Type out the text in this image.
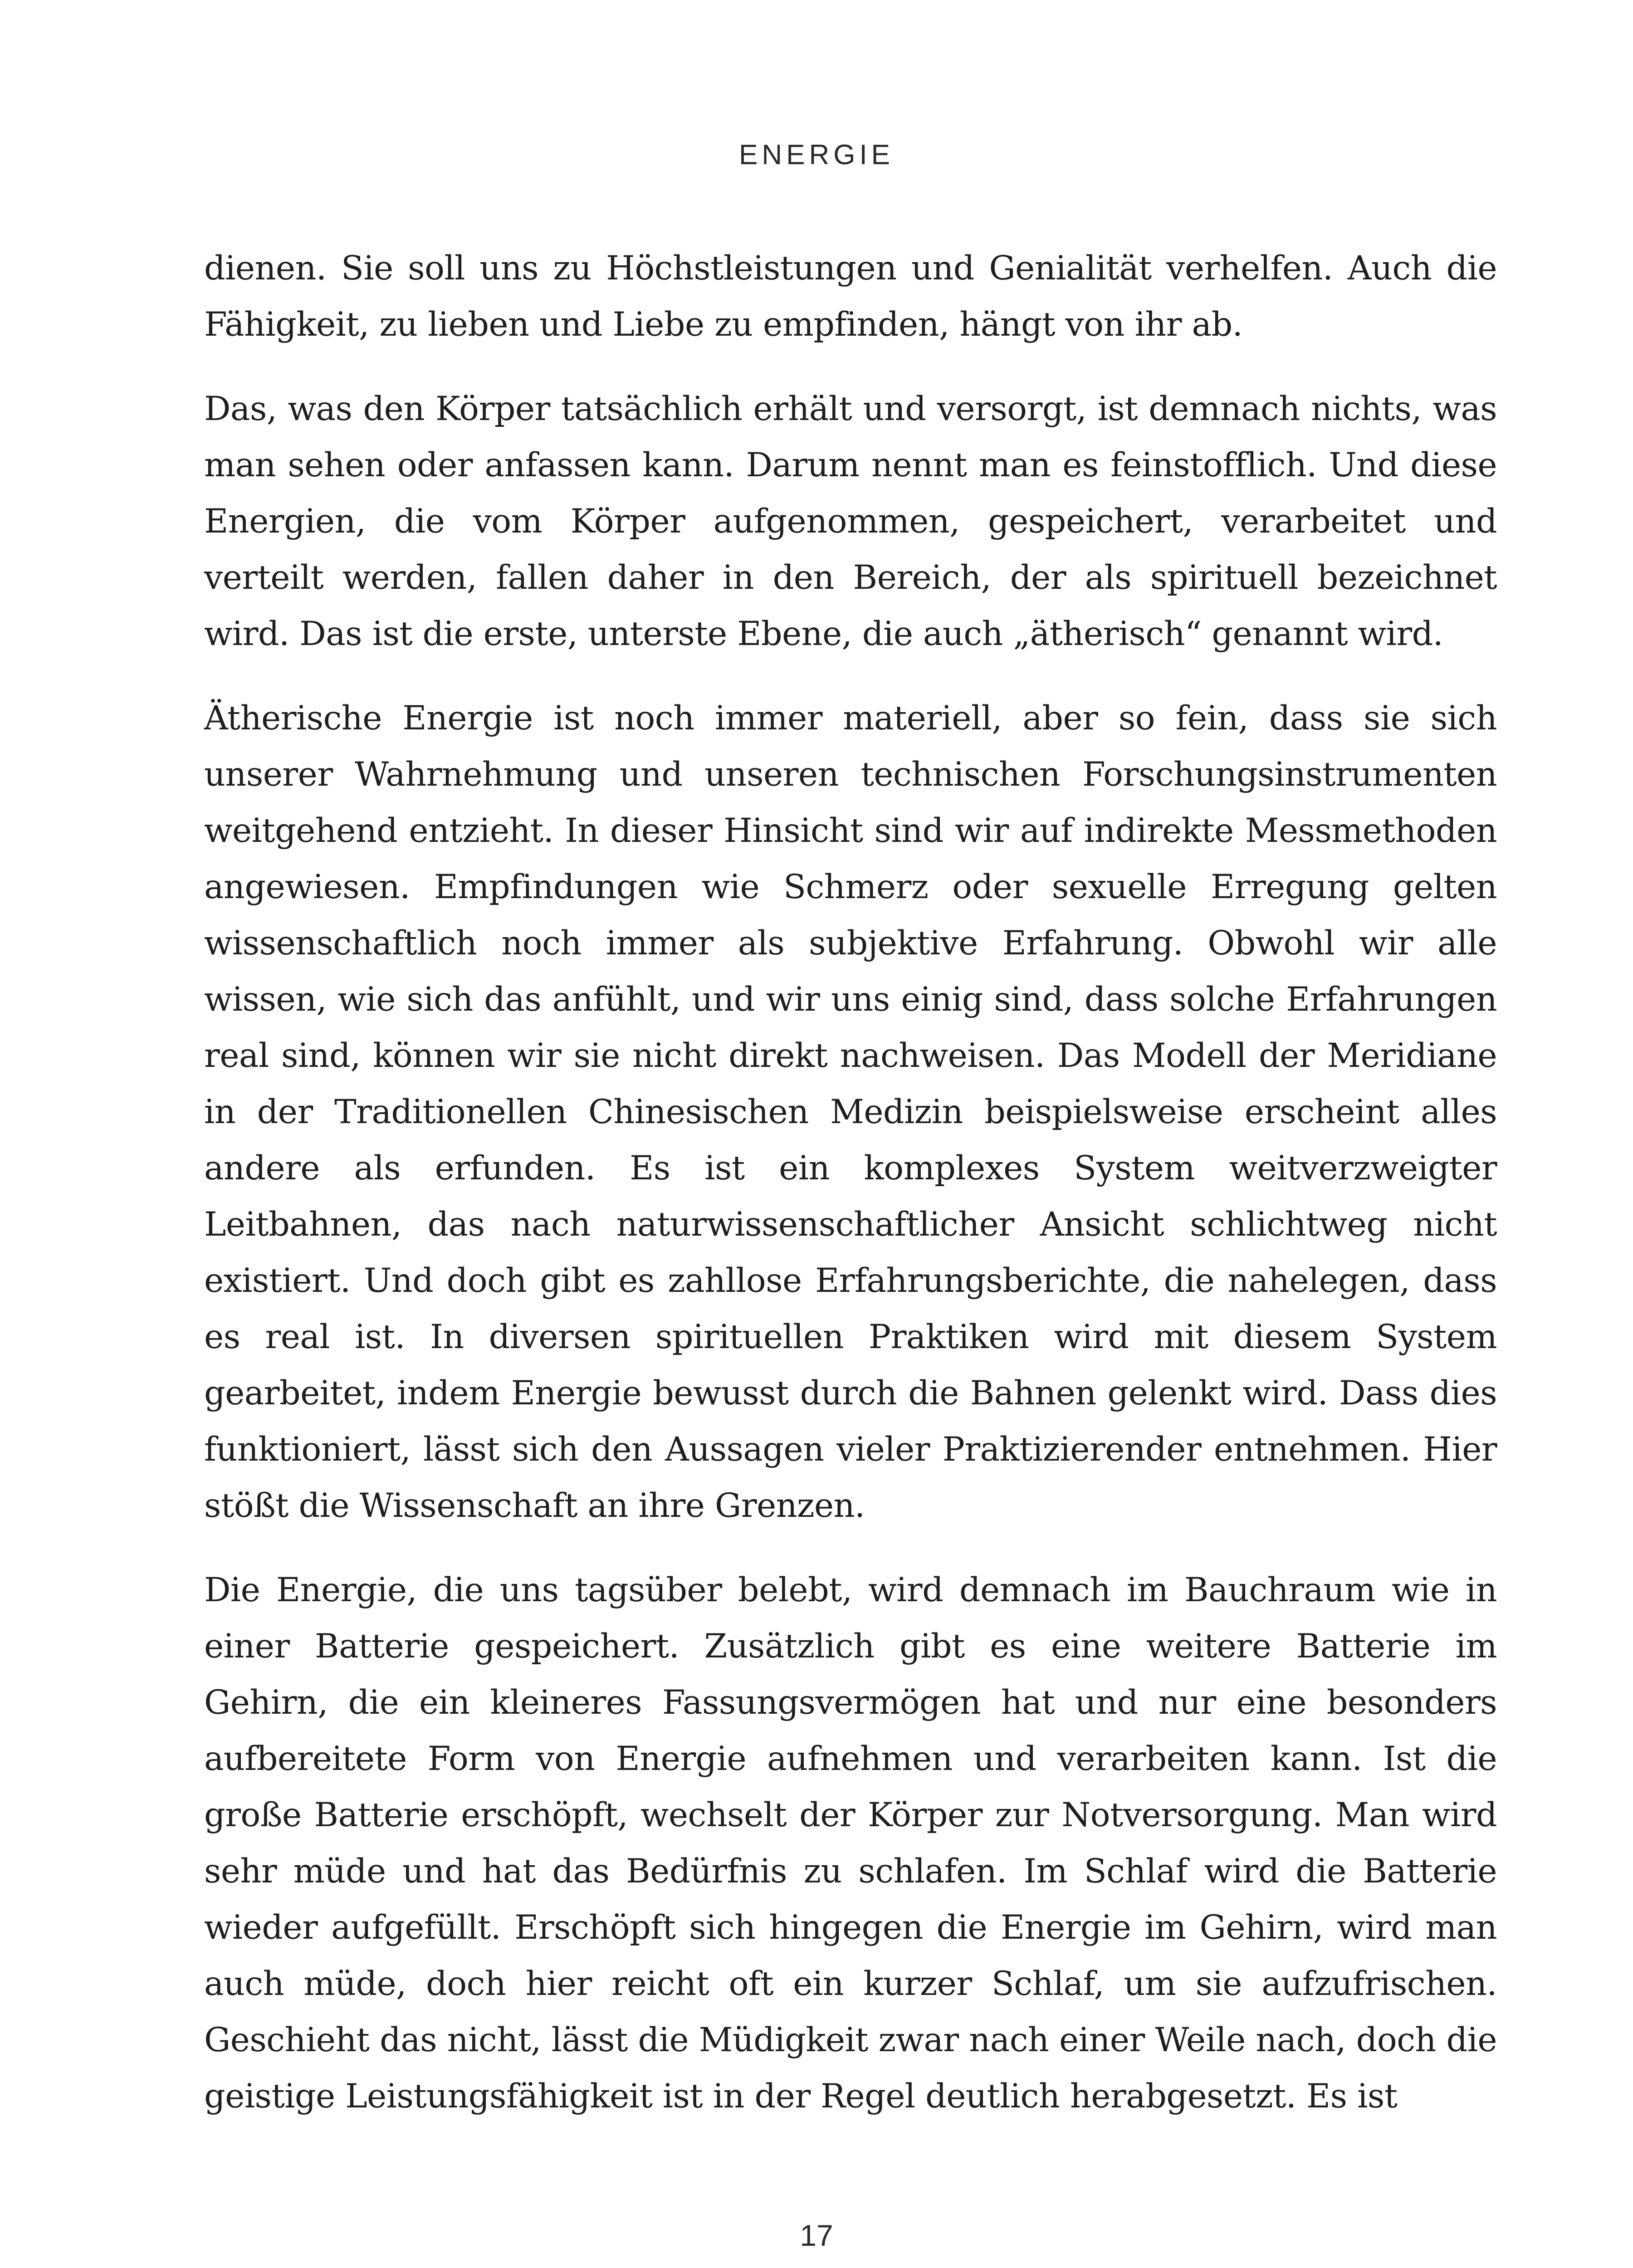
ENERGIE

dienen. Sie soll uns zu Höchstleistungen und Genialität verhelfen. Auch die Fähigkeit, zu lieben und Liebe zu empfinden, hängt von ihr ab.

Das, was den Körper tatsächlich erhält und versorgt, ist demnach nichts, was man sehen oder anfassen kann. Darum nennt man es feinstofflich. Und diese Energien, die vom Körper aufgenommen, gespeichert, verarbeitet und verteilt werden, fallen daher in den Bereich, der als spirituell bezeichnet wird. Das ist die erste, unterste Ebene, die auch „ätherisch“ genannt wird.

Ätherische Energie ist noch immer materiell, aber so fein, dass sie sich unserer Wahrnehmung und unseren technischen Forschungsinstrumenten weitgehend entzieht. In dieser Hinsicht sind wir auf indirekte Messmethoden angewiesen. Empfindungen wie Schmerz oder sexuelle Erregung gelten wissenschaftlich noch immer als subjektive Erfahrung. Obwohl wir alle wissen, wie sich das anfühlt, und wir uns einig sind, dass solche Erfahrungen real sind, können wir sie nicht direkt nachweisen. Das Modell der Meridiane in der Traditionellen Chinesischen Medizin beispielsweise erscheint alles andere als erfunden. Es ist ein komplexes System weitverzweigter Leitbahnen, das nach naturwissenschaftlicher Ansicht schlichtweg nicht existiert. Und doch gibt es zahllose Erfahrungsberichte, die nahelegen, dass es real ist. In diversen spirituellen Praktiken wird mit diesem System gearbeitet, indem Energie bewusst durch die Bahnen gelenkt wird. Dass dies funktioniert, lässt sich den Aussagen vieler Praktizierender entnehmen. Hier stößt die Wissenschaft an ihre Grenzen.

Die Energie, die uns tagsüber belebt, wird demnach im Bauchraum wie in einer Batterie gespeichert. Zusätzlich gibt es eine weitere Batterie im Gehirn, die ein kleineres Fassungsvermögen hat und nur eine besonders aufbereitete Form von Energie aufnehmen und verarbeiten kann. Ist die große Batterie erschöpft, wechselt der Körper zur Notversorgung. Man wird sehr müde und hat das Bedürfnis zu schlafen. Im Schlaf wird die Batterie wieder aufgefüllt. Erschöpft sich hingegen die Energie im Gehirn, wird man auch müde, doch hier reicht oft ein kurzer Schlaf, um sie aufzufrischen. Geschieht das nicht, lässt die Müdigkeit zwar nach einer Weile nach, doch die geistige Leistungsfähigkeit ist in der Regel deutlich herabgesetzt. Es ist

17
